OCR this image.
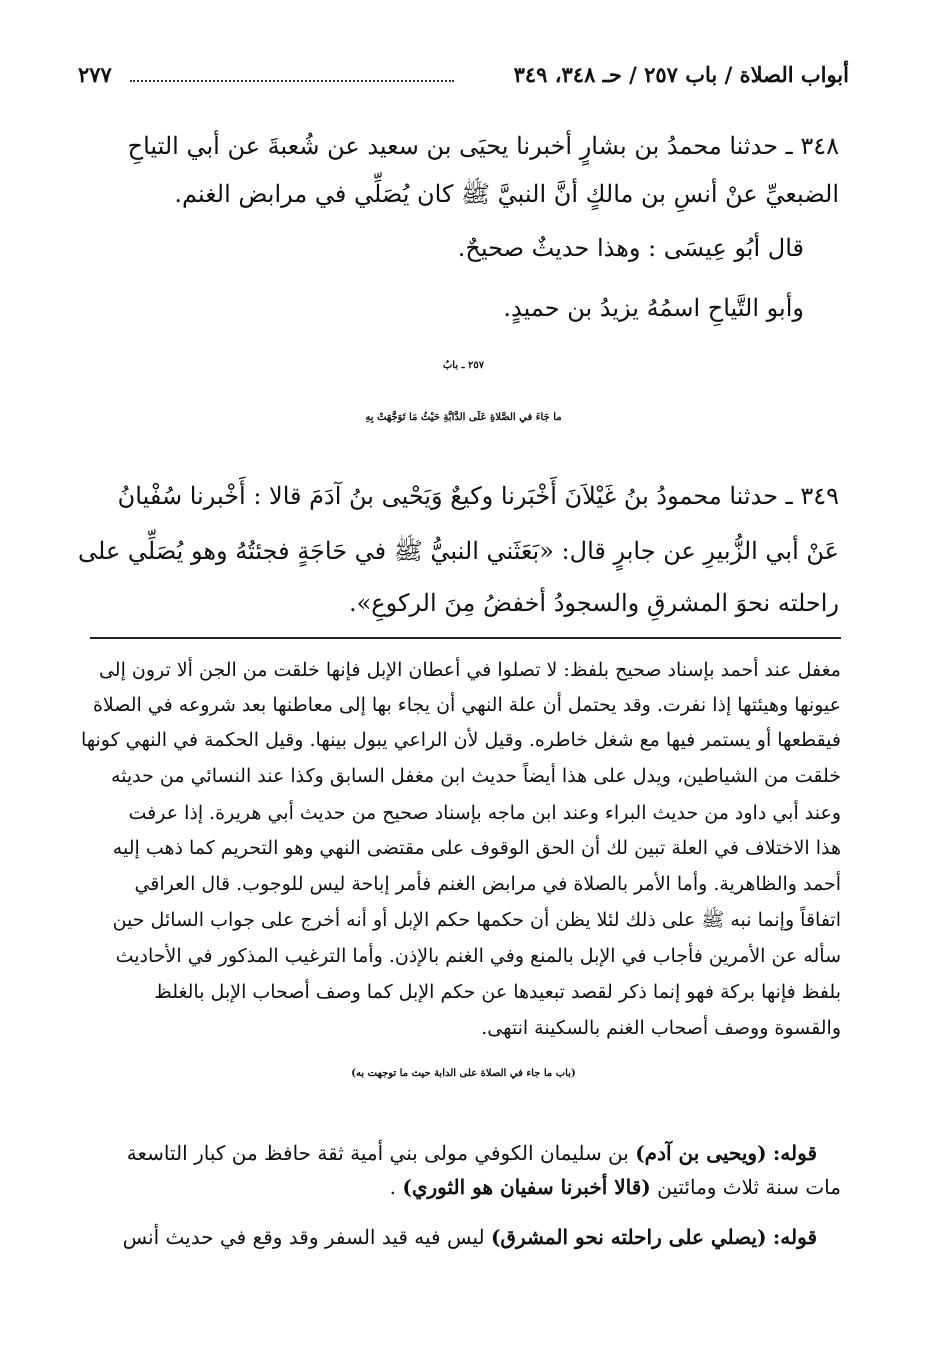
أبواب الصلاة / باب ٢٥٧ / حـ ٣٤٨، ٣٤٩
٢٧٧

٣٤٨ ـ حدثنا محمدُ بن بشارٍ أخبرنا يحيَى بن سعيد عن شُعبةَ عن أبي التياحِ

الضبعيِّ عنْ أنسِ بن مالكٍ أنَّ النبيَّ ﷺ كان يُصَلِّي في مرابض الغنم.

قال أبُو عِيسَى : وهذا حديثٌ صحيحٌ.

وأبو التَّياحِ اسمُهُ يزيدُ بن حميدٍ.

٢٥٧ ـ بابُ

ما جَاءَ في الصَّلاةِ عَلَى الدَّابَّةِ حَيْثُ مَا تَوَجَّهَتْ بِهِ

٣٤٩ ـ حدثنا محمودُ بنُ غَيْلاَنَ أَخْبَرنا وكيعٌ وَيَحْيى بنُ آدَمَ قالا : أَخْبرنا سُفْيانُ

عَنْ أبي الزُّبيرِ عن جابرٍ قال: «بَعَثَني النبيُّ ﷺ في حَاجَةٍ فجئتُهُ وهو يُصَلِّي على

راحلته نحوَ المشرقِ والسجودُ أخفضُ مِنَ الركوعِ».

مغفل عند أحمد بإسناد صحيح بلفظ: لا تصلوا في أعطان الإبل فإنها خلقت من الجن ألا ترون إلى

عيونها وهيئتها إذا نفرت. وقد يحتمل أن علة النهي أن يجاء بها إلى معاطنها بعد شروعه في الصلاة

فيقطعها أو يستمر فيها مع شغل خاطره. وقيل لأن الراعي يبول بينها. وقيل الحكمة في النهي كونها

خلقت من الشياطين، ويدل على هذا أيضاً حديث ابن مغفل السابق وكذا عند النسائي من حديثه

وعند أبي داود من حديث البراء وعند ابن ماجه بإسناد صحيح من حديث أبي هريرة. إذا عرفت

هذا الاختلاف في العلة تبين لك أن الحق الوقوف على مقتضى النهي وهو التحريم كما ذهب إليه

أحمد والظاهرية. وأما الأمر بالصلاة في مرابض الغنم فأمر إباحة ليس للوجوب. قال العراقي

اتفاقاً وإنما نبه ﷺ على ذلك لئلا يظن أن حكمها حكم الإبل أو أنه أخرج على جواب السائل حين

سأله عن الأمرين فأجاب في الإبل بالمنع وفي الغنم بالإذن. وأما الترغيب المذكور في الأحاديث

بلفظ فإنها بركة فهو إنما ذكر لقصد تبعيدها عن حكم الإبل كما وصف أصحاب الإبل بالغلظ

والقسوة ووصف أصحاب الغنم بالسكينة انتهى.

(باب ما جاء في الصلاة على الدابة حيث ما توجهت به)

قوله: (ويحيى بن آدم) بن سليمان الكوفي مولى بني أمية ثقة حافظ من كبار التاسعة

مات سنة ثلاث ومائتين (قالا أخبرنا سفيان هو الثوري) .

قوله: (يصلي على راحلته نحو المشرق) ليس فيه قيد السفر وقد وقع في حديث أنس
